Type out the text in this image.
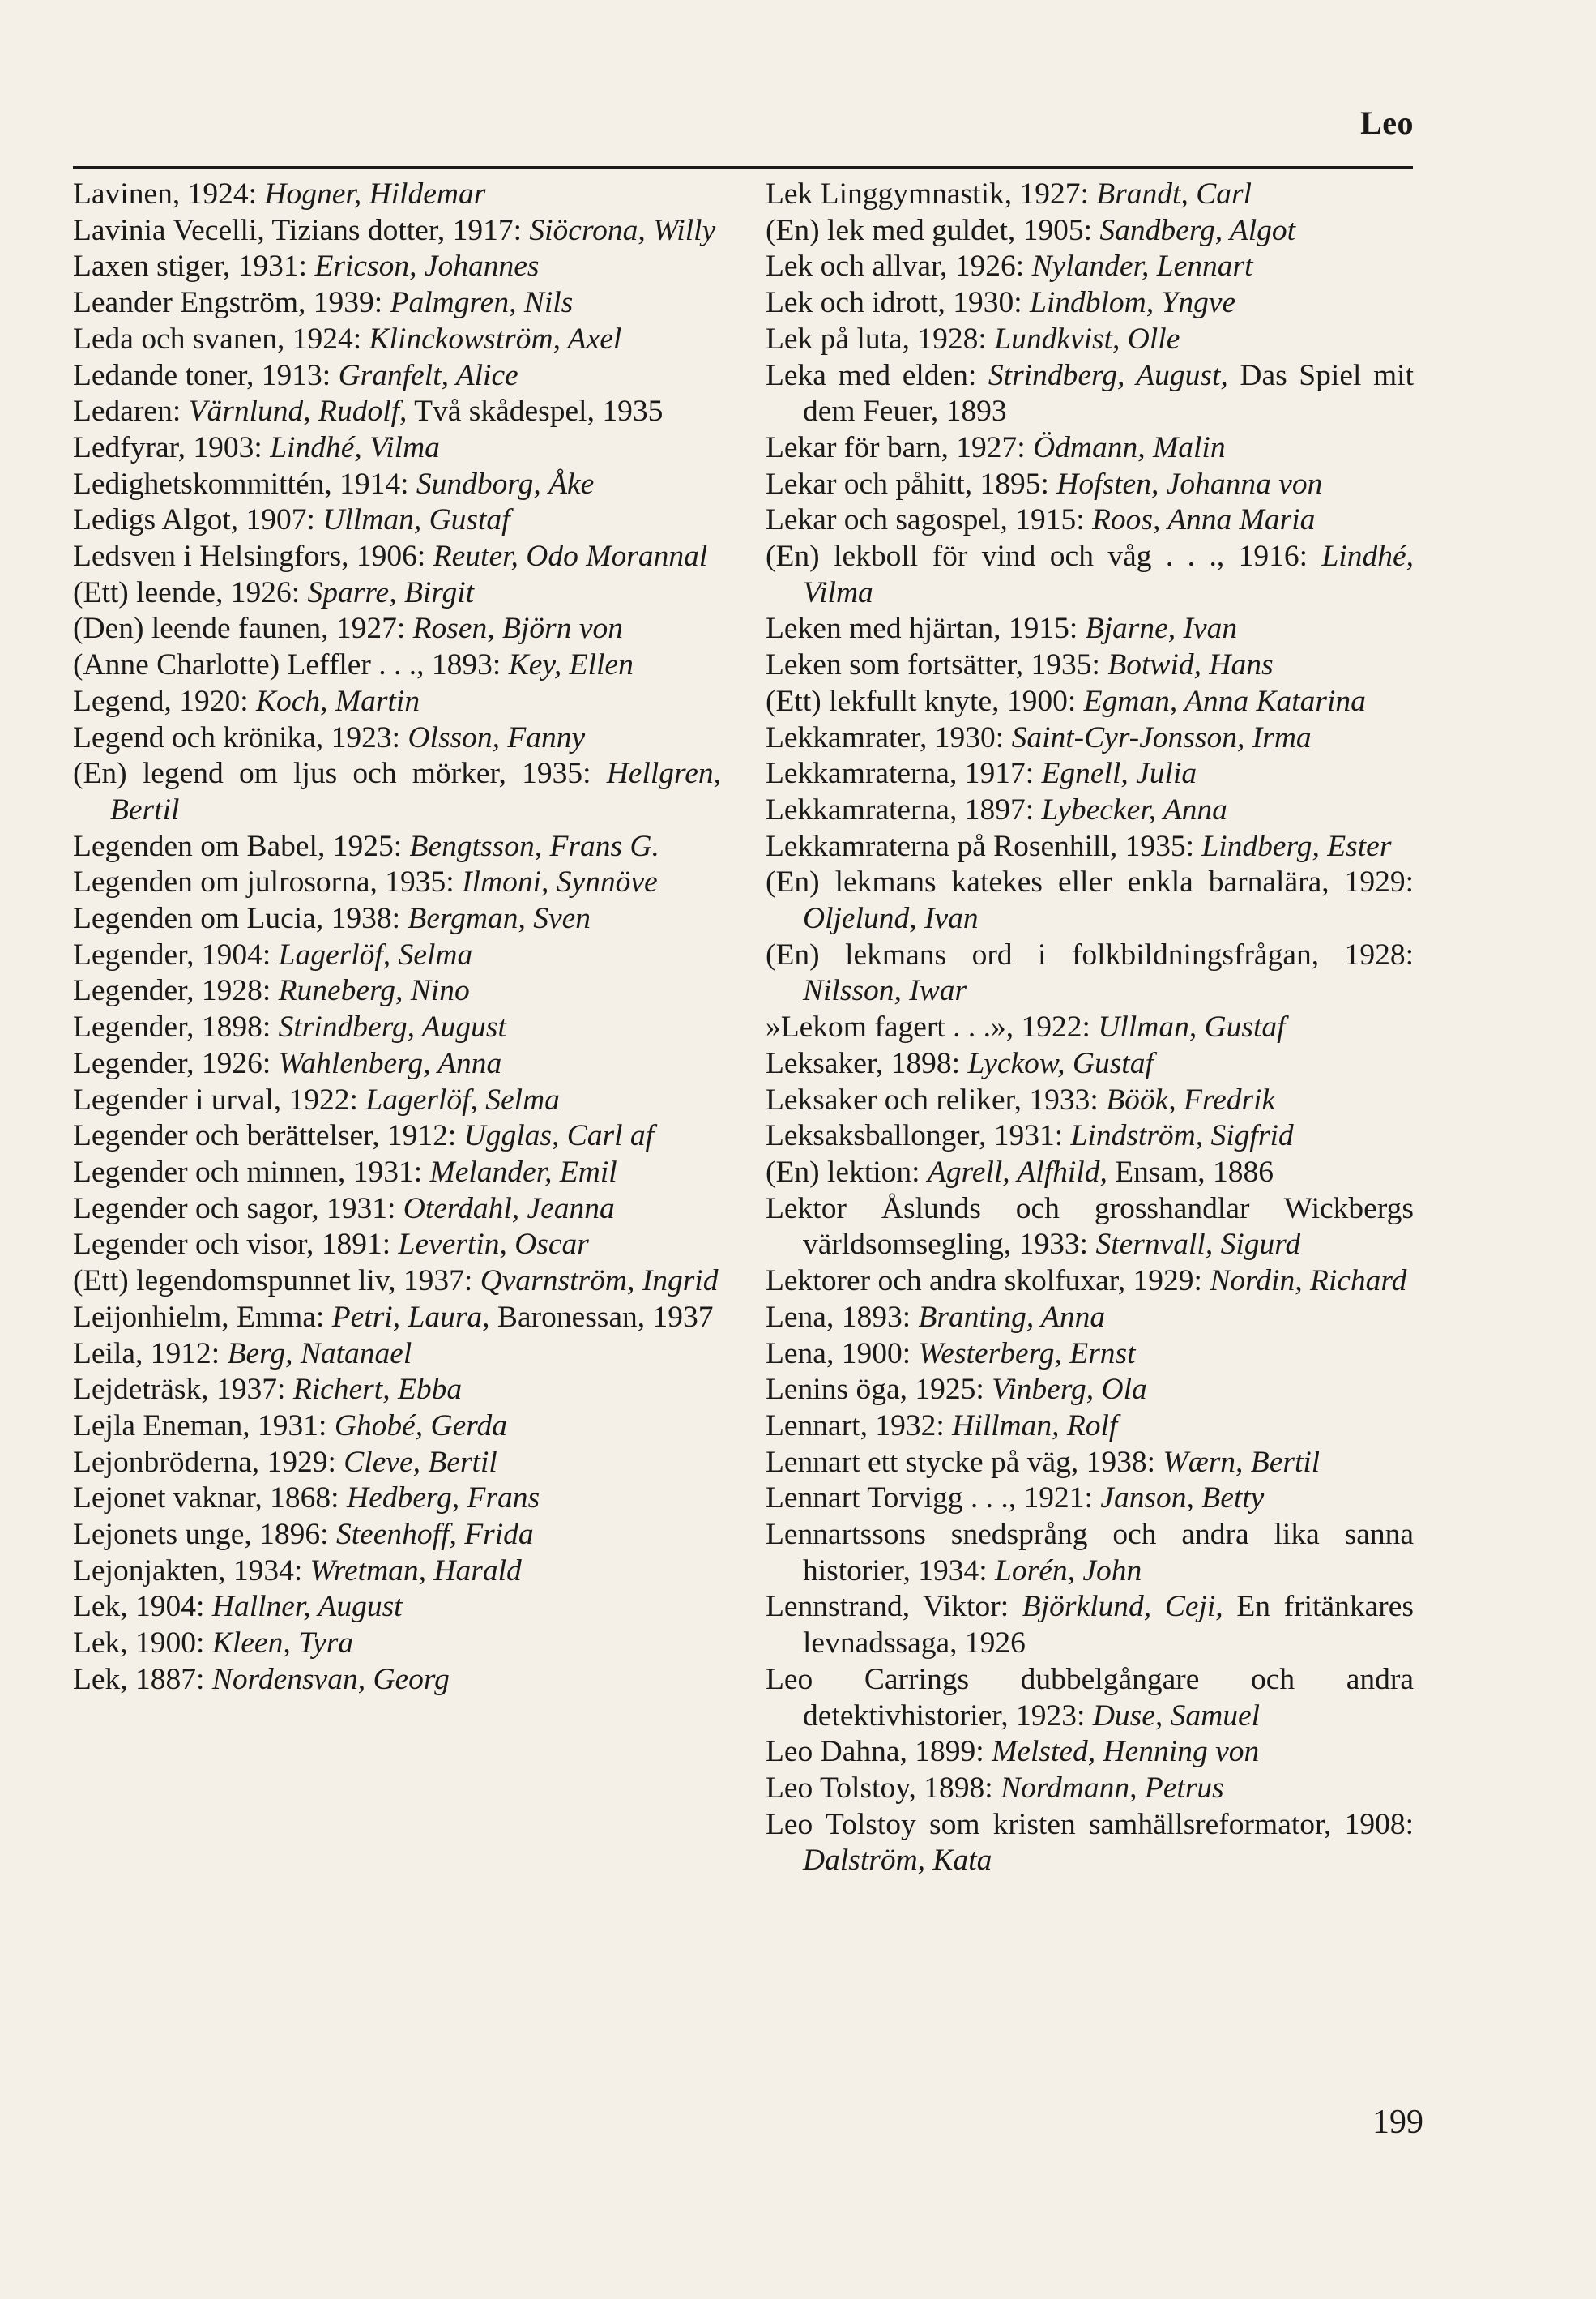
Leo
Lavinen, 1924: Hogner, Hildemar
Lavinia Vecelli, Tizians dotter, 1917: Siöcrona, Willy
Laxen stiger, 1931: Ericson, Johannes
Leander Engström, 1939: Palmgren, Nils
Leda och svanen, 1924: Klinckowström, Axel
Ledande toner, 1913: Granfelt, Alice
Ledaren: Värnlund, Rudolf, Två skådespel, 1935
Ledfyrar, 1903: Lindhé, Vilma
Ledighetskommittén, 1914: Sundborg, Åke
Ledigs Algot, 1907: Ullman, Gustaf
Ledsven i Helsingfors, 1906: Reuter, Odo Morannal
(Ett) leende, 1926: Sparre, Birgit
(Den) leende faunen, 1927: Rosen, Björn von
(Anne Charlotte) Leffler . . ., 1893: Key, Ellen
Legend, 1920: Koch, Martin
Legend och krönika, 1923: Olsson, Fanny
(En) legend om ljus och mörker, 1935: Hellgren, Bertil
Legenden om Babel, 1925: Bengtsson, Frans G.
Legenden om julrosorna, 1935: Ilmoni, Synnöve
Legenden om Lucia, 1938: Bergman, Sven
Legender, 1904: Lagerlöf, Selma
Legender, 1928: Runeberg, Nino
Legender, 1898: Strindberg, August
Legender, 1926: Wahlenberg, Anna
Legender i urval, 1922: Lagerlöf, Selma
Legender och berättelser, 1912: Ugglas, Carl af
Legender och minnen, 1931: Melander, Emil
Legender och sagor, 1931: Oterdahl, Jeanna
Legender och visor, 1891: Levertin, Oscar
(Ett) legendomspunnet liv, 1937: Qvarnström, Ingrid
Leijonhielm, Emma: Petri, Laura, Baronessan, 1937
Leila, 1912: Berg, Natanael
Lejdeträsk, 1937: Richert, Ebba
Lejla Eneman, 1931: Ghobé, Gerda
Lejonbröderna, 1929: Cleve, Bertil
Lejonet vaknar, 1868: Hedberg, Frans
Lejonets unge, 1896: Steenhoff, Frida
Lejonjakten, 1934: Wretman, Harald
Lek, 1904: Hallner, August
Lek, 1900: Kleen, Tyra
Lek, 1887: Nordensvan, Georg
Lek Linggymnastik, 1927: Brandt, Carl
(En) lek med guldet, 1905: Sandberg, Algot
Lek och allvar, 1926: Nylander, Lennart
Lek och idrott, 1930: Lindblom, Yngve
Lek på luta, 1928: Lundkvist, Olle
Leka med elden: Strindberg, August, Das Spiel mit dem Feuer, 1893
Lekar för barn, 1927: Ödmann, Malin
Lekar och påhitt, 1895: Hofsten, Johanna von
Lekar och sagospel, 1915: Roos, Anna Maria
(En) lekboll för vind och våg . . ., 1916: Lindhé, Vilma
Leken med hjärtan, 1915: Bjarne, Ivan
Leken som fortsätter, 1935: Botwid, Hans
(Ett) lekfullt knyte, 1900: Egman, Anna Katarina
Lekkamrater, 1930: Saint-Cyr-Jonsson, Irma
Lekkamraterna, 1917: Egnell, Julia
Lekkamraterna, 1897: Lybecker, Anna
Lekkamraterna på Rosenhill, 1935: Lindberg, Ester
(En) lekmans katekes eller enkla barnalära, 1929: Oljelund, Ivan
(En) lekmans ord i folkbildningsfrågan, 1928: Nilsson, Iwar
»Lekom fagert . . .», 1922: Ullman, Gustaf
Leksaker, 1898: Lyckow, Gustaf
Leksaker och reliker, 1933: Böök, Fredrik
Leksaksballonger, 1931: Lindström, Sigfrid
(En) lektion: Agrell, Alfhild, Ensam, 1886
Lektor Åslunds och grosshandlar Wickbergs världsomsegling, 1933: Sternvall, Sigurd
Lektorer och andra skolfuxar, 1929: Nordin, Richard
Lena, 1893: Branting, Anna
Lena, 1900: Westerberg, Ernst
Lenins öga, 1925: Vinberg, Ola
Lennart, 1932: Hillman, Rolf
Lennart ett stycke på väg, 1938: Wærn, Bertil
Lennart Torvigg . . ., 1921: Janson, Betty
Lennartssons snedsprång och andra lika sanna historier, 1934: Lorén, John
Lennstrand, Viktor: Björklund, Ceji, En fritänkares levnadssaga, 1926
Leo Carrings dubbelgångare och andra detektivhistorier, 1923: Duse, Samuel
Leo Dahna, 1899: Melsted, Henning von
Leo Tolstoy, 1898: Nordmann, Petrus
Leo Tolstoy som kristen samhällsreformator, 1908: Dalström, Kata
199
